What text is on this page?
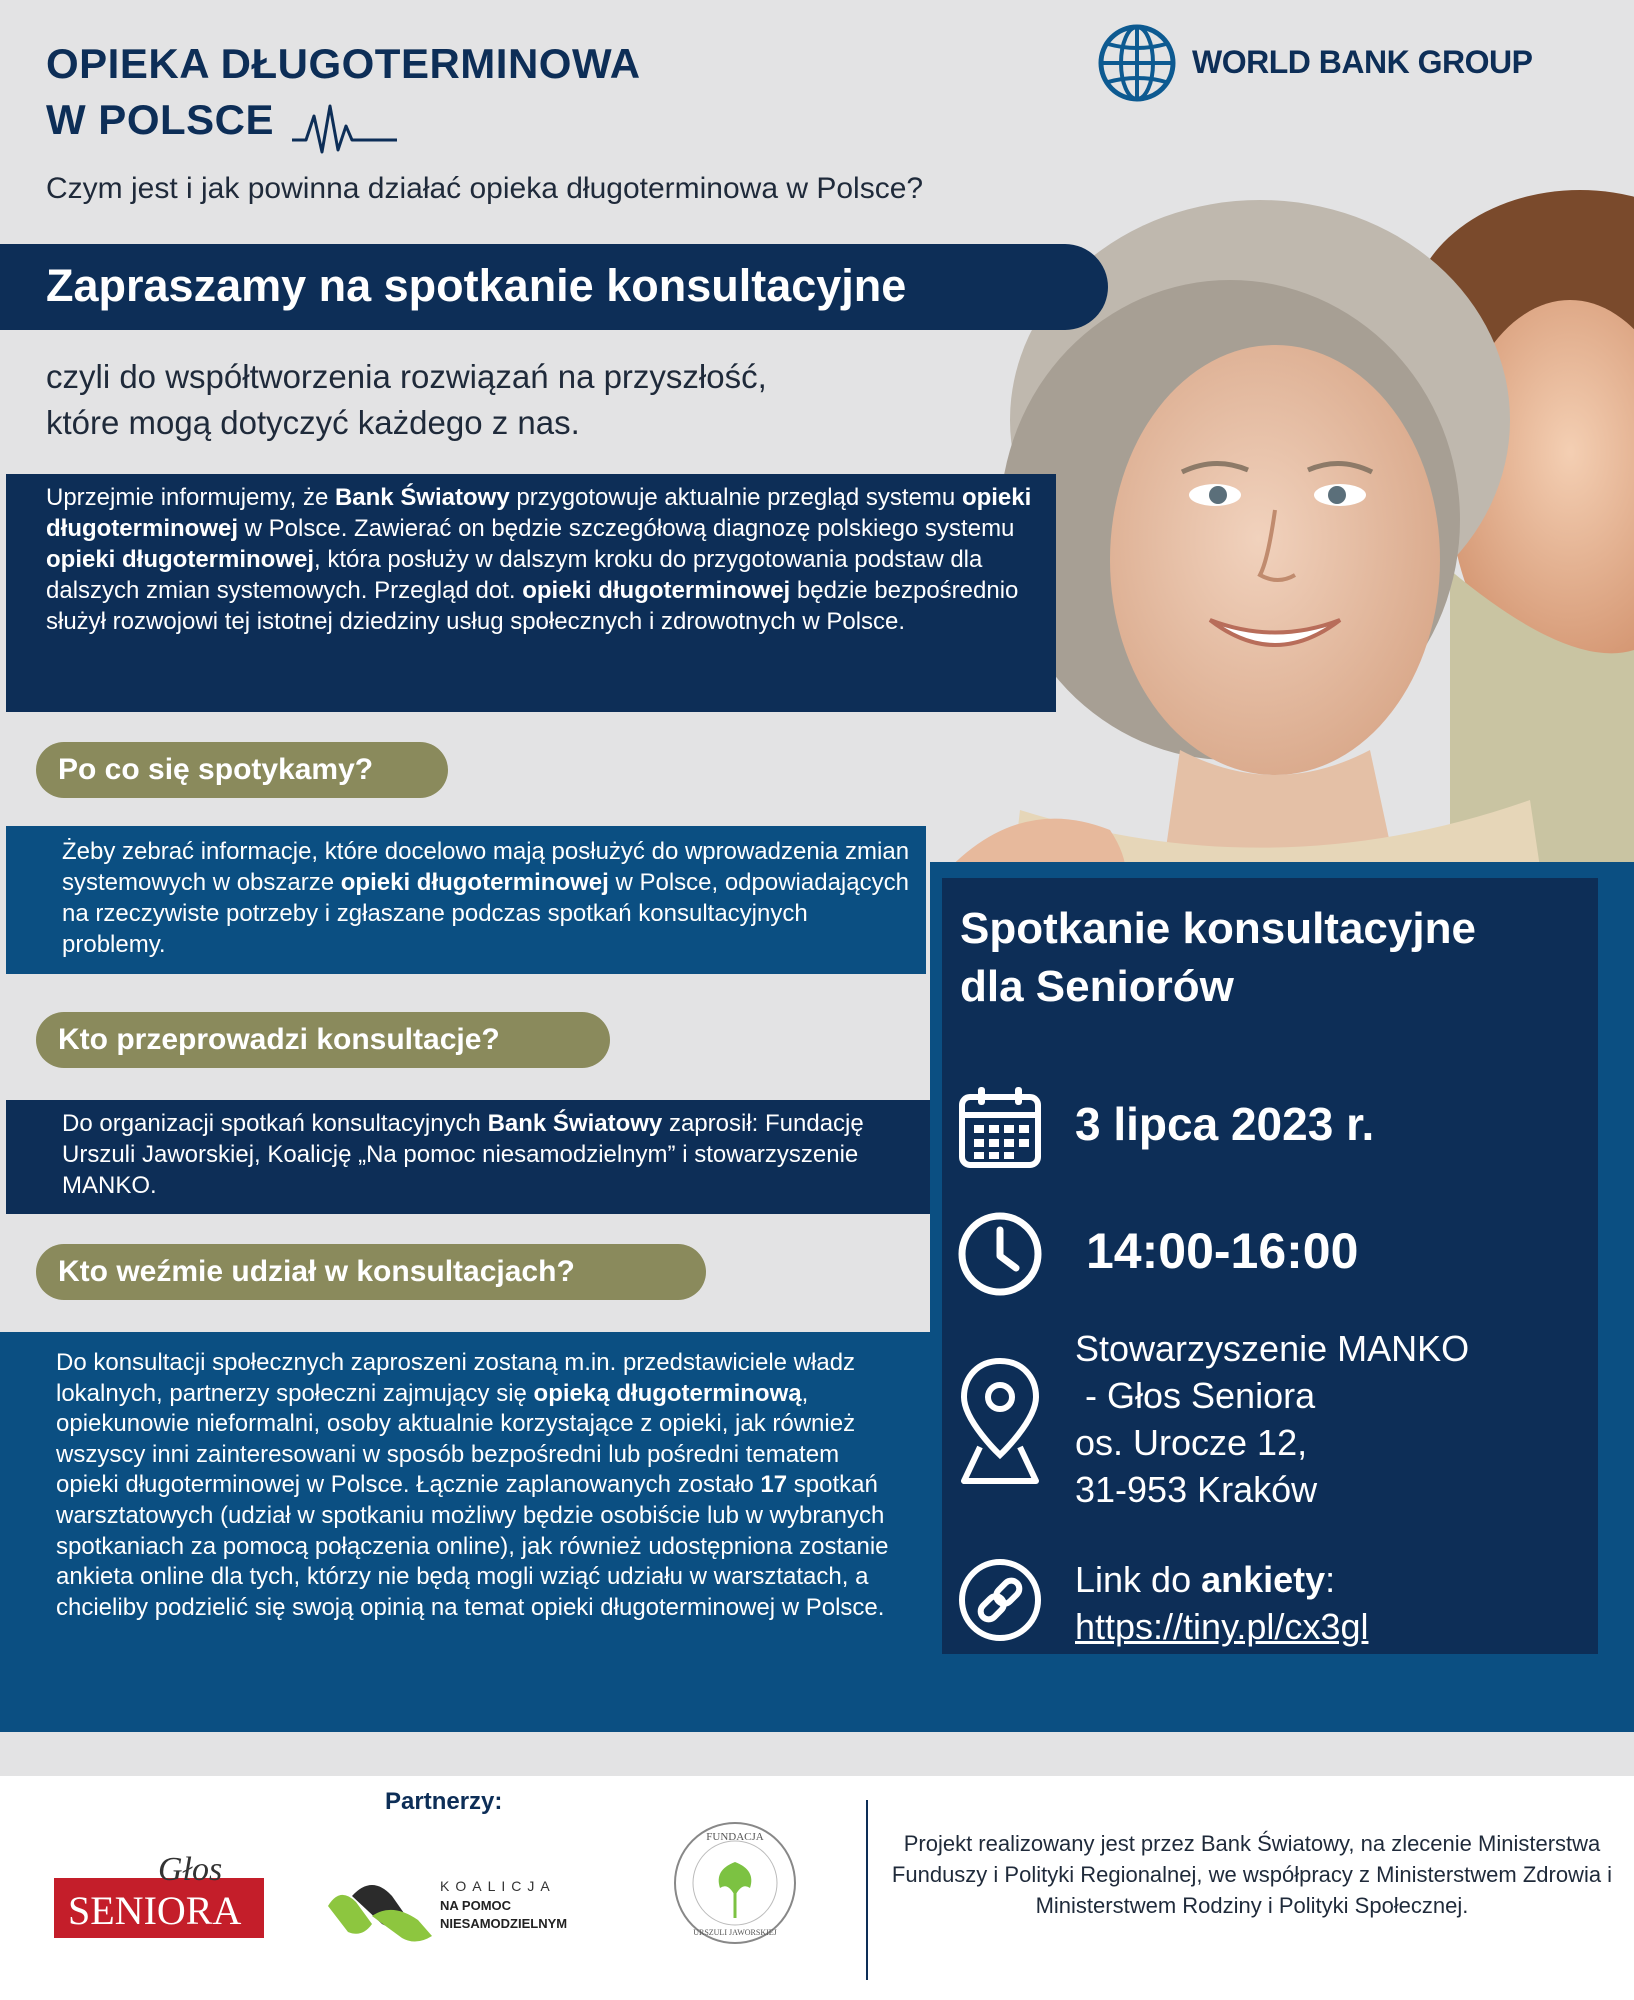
OPIEKA DŁUGOTERMINOWA
W POLSCE
Czym jest i jak powinna działać opieka długoterminowa w Polsce?
WORLD BANK GROUP
Zapraszamy na spotkanie konsultacyjne
czyli do współtworzenia rozwiązań na przyszłość,
które mogą dotyczyć każdego z nas.

Uprzejmie informujemy, że Bank Światowy przygotowuje aktualnie przegląd systemu opieki długoterminowej w Polsce. Zawierać on będzie szczegółową diagnozę polskiego systemu opieki długoterminowej, która posłuży w dalszym kroku do przygotowania podstaw dla dalszych zmian systemowych. Przegląd dot. opieki długoterminowej będzie bezpośrednio służył rozwojowi tej istotnej dziedziny usług społecznych i zdrowotnych w Polsce.

Po co się spotykamy?

Żeby zebrać informacje, które docelowo mają posłużyć do wprowadzenia zmian systemowych w obszarze opieki długoterminowej w Polsce, odpowiadających na rzeczywiste potrzeby i zgłaszane podczas spotkań konsultacyjnych problemy.

Kto przeprowadzi konsultacje?

Do organizacji spotkań konsultacyjnych Bank Światowy zaprosił: Fundację Urszuli Jaworskiej, Koalicję „Na pomoc niesamodzielnym” i stowarzyszenie MANKO.

Kto weźmie udział w konsultacjach?

Do konsultacji społecznych zaproszeni zostaną m.in. przedstawiciele władz lokalnych, partnerzy społeczni zajmujący się opieką długoterminową, opiekunowie nieformalni, osoby aktualnie korzystające z opieki, jak również wszyscy inni zainteresowani w sposób bezpośredni lub pośredni tematem opieki długoterminowej w Polsce. Łącznie zaplanowanych zostało 17 spotkań warsztatowych (udział w spotkaniu możliwy będzie osobiście lub w wybranych spotkaniach za pomocą połączenia online), jak również udostępniona zostanie ankieta online dla tych, którzy nie będą mogli wziąć udziału w warsztatach, a chcieliby podzielić się swoją opinią na temat opieki długoterminowej w Polsce.

Spotkanie konsultacyjne
dla Seniorów
3 lipca 2023 r.
14:00-16:00
Stowarzyszenie MANKO
- Głos Seniora
os. Urocze 12,
31-953 Kraków
Link do ankiety:
https://tiny.pl/cx3gl
Partnerzy:
Głos
SENIORA
KOALICJA
NA POMOC
NIESAMODZIELNYM
FUNDACJA
URSZULI JAWORSKIEJ
Projekt realizowany jest przez Bank Światowy, na zlecenie Ministerstwa Funduszy i Polityki Regionalnej, we współpracy z Ministerstwem Zdrowia i Ministerstwem Rodziny i Polityki Społecznej.
